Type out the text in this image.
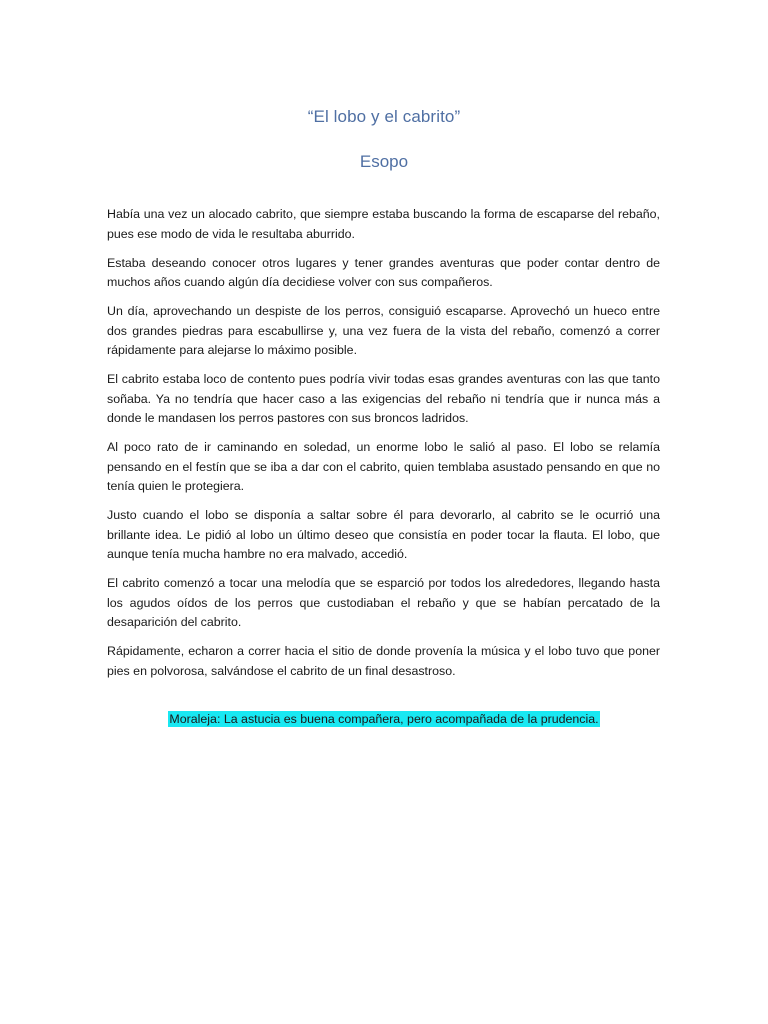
“El lobo y el cabrito”
Esopo

Había una vez un alocado cabrito, que siempre estaba buscando la forma de escaparse del rebaño, pues ese modo de vida le resultaba aburrido.

Estaba deseando conocer otros lugares y tener grandes aventuras que poder contar dentro de muchos años cuando algún día decidiese volver con sus compañeros.

Un día, aprovechando un despiste de los perros, consiguió escaparse. Aprovechó un hueco entre dos grandes piedras para escabullirse y, una vez fuera de la vista del rebaño, comenzó a correr rápidamente para alejarse lo máximo posible.

El cabrito estaba loco de contento pues podría vivir todas esas grandes aventuras con las que tanto soñaba. Ya no tendría que hacer caso a las exigencias del rebaño ni tendría que ir nunca más a donde le mandasen los perros pastores con sus broncos ladridos.

Al poco rato de ir caminando en soledad, un enorme lobo le salió al paso. El lobo se relamía pensando en el festín que se iba a dar con el cabrito, quien temblaba asustado pensando en que no tenía quien le protegiera.

Justo cuando el lobo se disponía a saltar sobre él para devorarlo, al cabrito se le ocurrió una brillante idea. Le pidió al lobo un último deseo que consistía en poder tocar la flauta. El lobo, que aunque tenía mucha hambre no era malvado, accedió.

El cabrito comenzó a tocar una melodía que se esparció por todos los alrededores, llegando hasta los agudos oídos de los perros que custodiaban el rebaño y que se habían percatado de la desaparición del cabrito.

Rápidamente, echaron a correr hacia el sitio de donde provenía la música y el lobo tuvo que poner pies en polvorosa, salvándose el cabrito de un final desastroso.

Moraleja: La astucia es buena compañera, pero acompañada de la prudencia.
